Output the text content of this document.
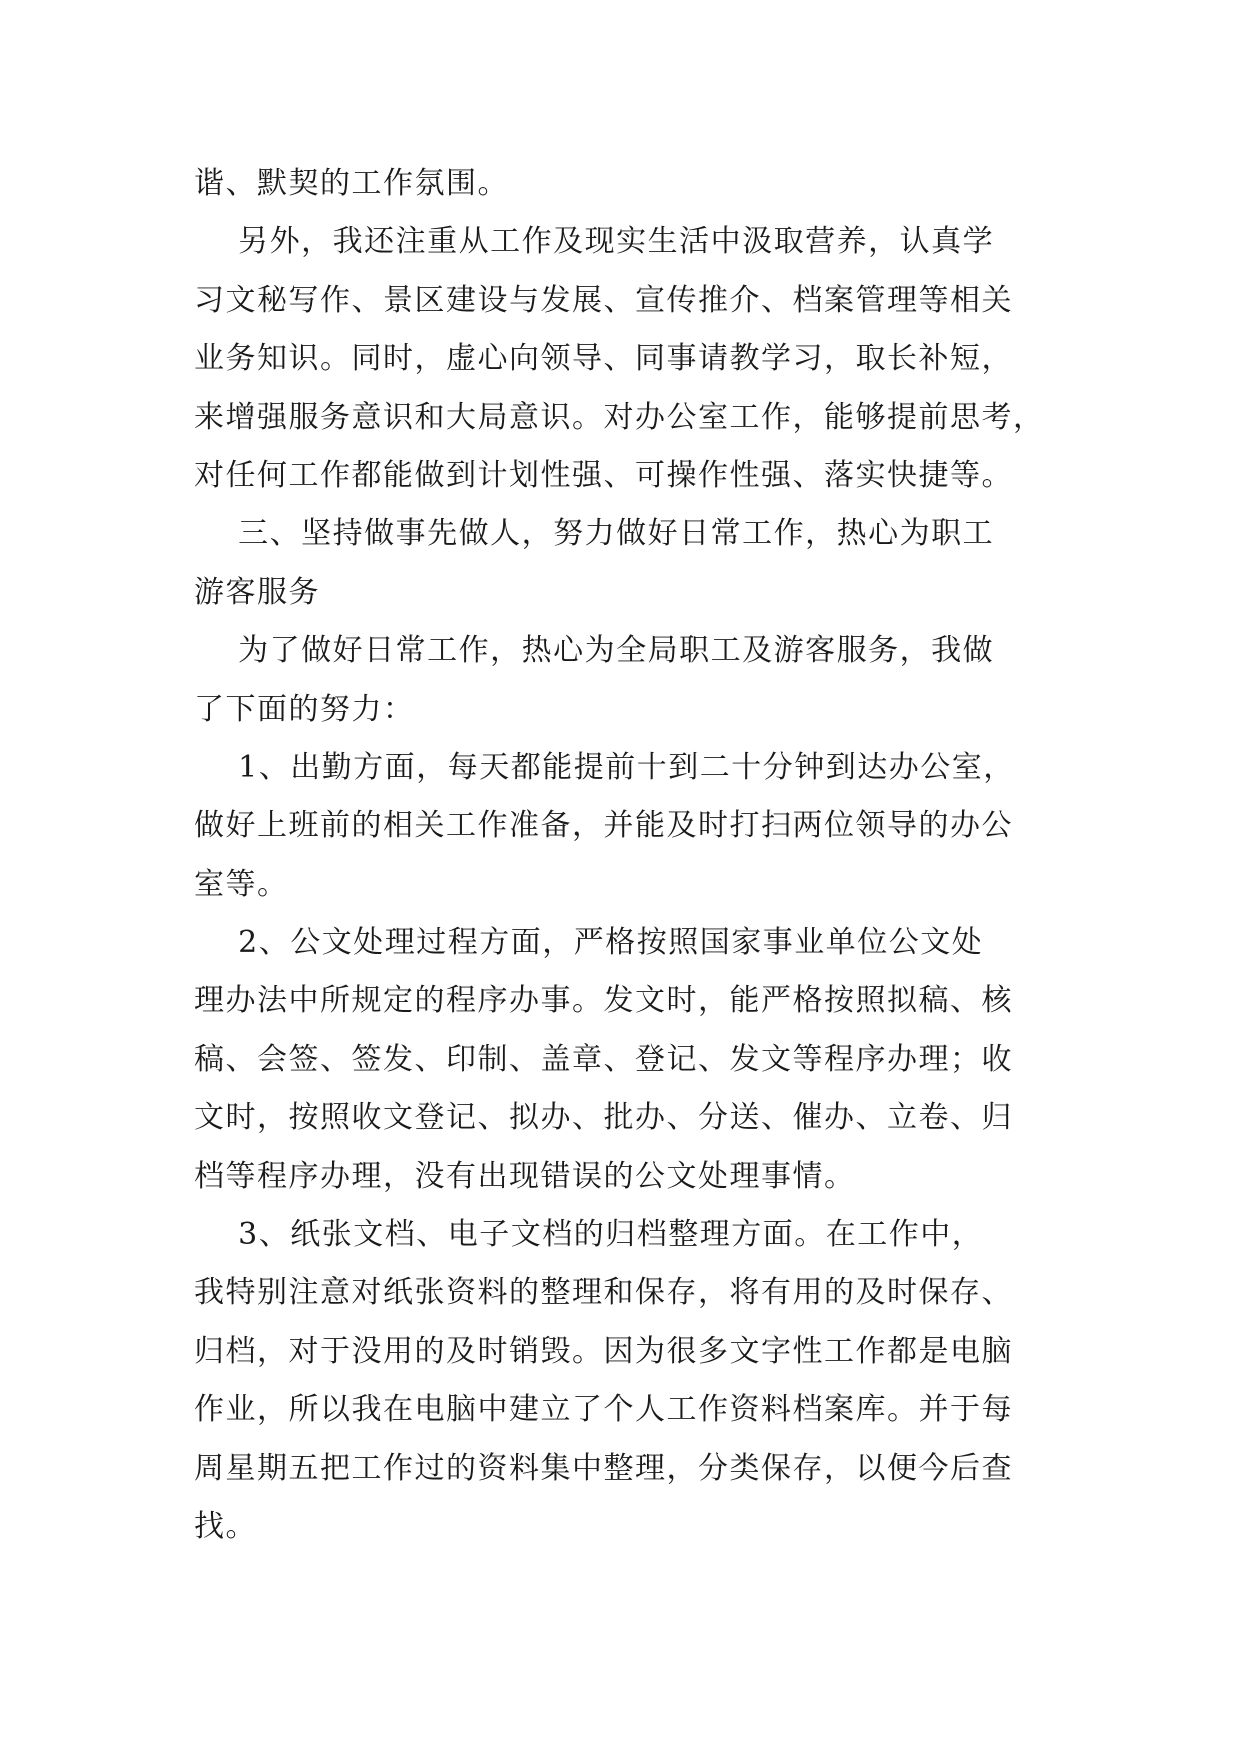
谐、默契的工作氛围。
另外，我还注重从工作及现实生活中汲取营养，认真学
习文秘写作、景区建设与发展、宣传推介、档案管理等相关
业务知识。同时，虚心向领导、同事请教学习，取长补短，
来增强服务意识和大局意识。对办公室工作，能够提前思考，
对任何工作都能做到计划性强、可操作性强、落实快捷等。
三、坚持做事先做人，努力做好日常工作，热心为职工
游客服务
为了做好日常工作，热心为全局职工及游客服务，我做
了下面的努力：
1、出勤方面，每天都能提前十到二十分钟到达办公室，
做好上班前的相关工作准备，并能及时打扫两位领导的办公
室等。
2、公文处理过程方面，严格按照国家事业单位公文处
理办法中所规定的程序办事。发文时，能严格按照拟稿、核
稿、会签、签发、印制、盖章、登记、发文等程序办理；收
文时，按照收文登记、拟办、批办、分送、催办、立卷、归
档等程序办理，没有出现错误的公文处理事情。
3、纸张文档、电子文档的归档整理方面。在工作中，
我特别注意对纸张资料的整理和保存，将有用的及时保存、
归档，对于没用的及时销毁。因为很多文字性工作都是电脑
作业，所以我在电脑中建立了个人工作资料档案库。并于每
周星期五把工作过的资料集中整理，分类保存，以便今后查
找。
